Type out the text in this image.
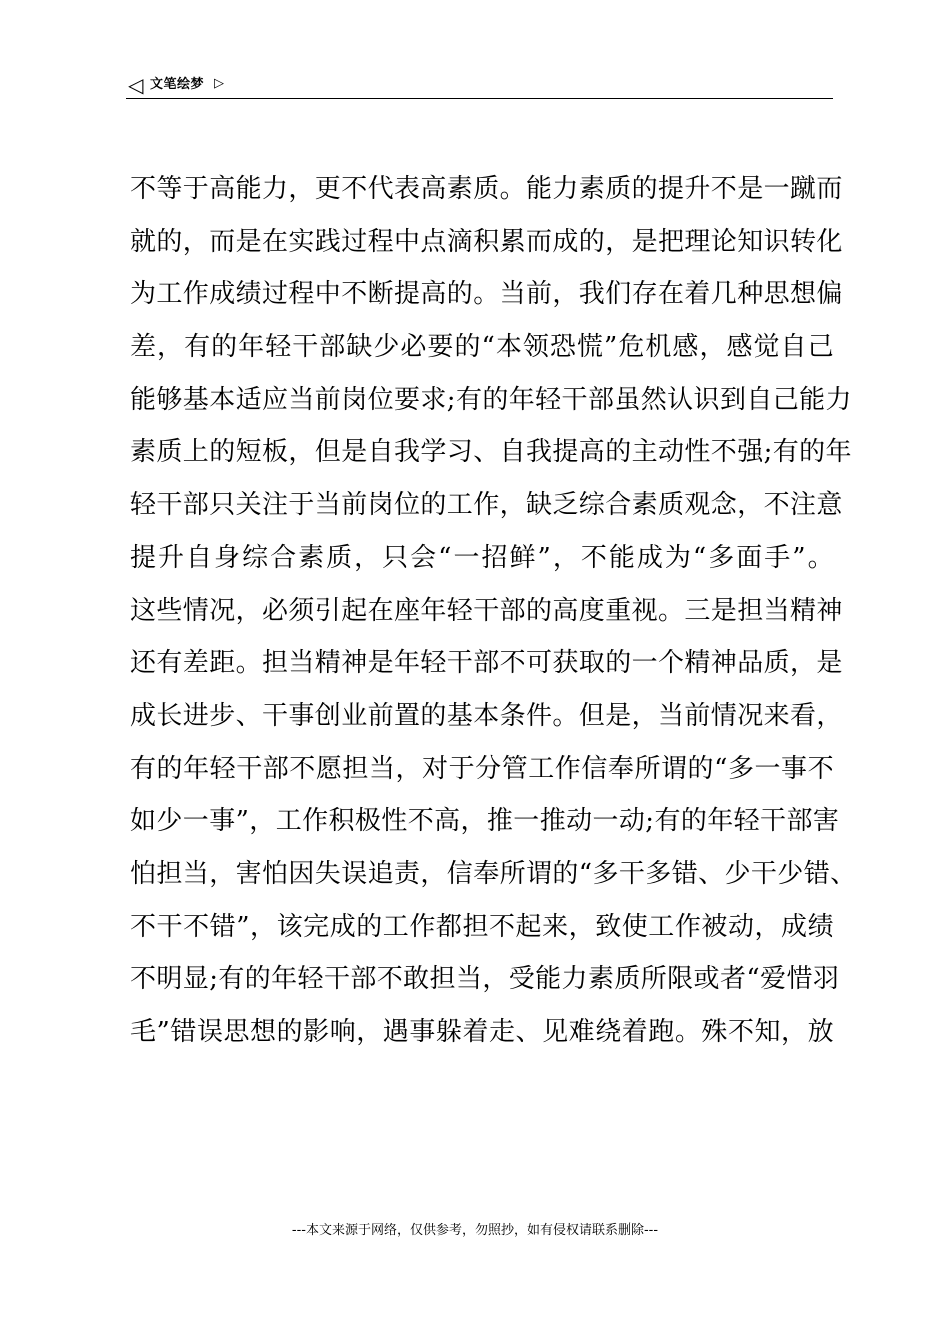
◁ 文笔绘梦 ▷
不等于高能力，更不代表高素质。能力素质的提升不是一蹴而
就的，而是在实践过程中点滴积累而成的，是把理论知识转化
为工作成绩过程中不断提高的。当前，我们存在着几种思想偏
差，有的年轻干部缺少必要的“本领恐慌”危机感，感觉自己
能够基本适应当前岗位要求;有的年轻干部虽然认识到自己能力
素质上的短板，但是自我学习、自我提高的主动性不强;有的年
轻干部只关注于当前岗位的工作，缺乏综合素质观念，不注意
提升自身综合素质，只会“一招鲜”，不能成为“多面手”。
这些情况，必须引起在座年轻干部的高度重视。三是担当精神
还有差距。担当精神是年轻干部不可获取的一个精神品质，是
成长进步、干事创业前置的基本条件。但是，当前情况来看，
有的年轻干部不愿担当，对于分管工作信奉所谓的“多一事不
如少一事”，工作积极性不高，推一推动一动;有的年轻干部害
怕担当，害怕因失误追责，信奉所谓的“多干多错、少干少错、
不干不错”，该完成的工作都担不起来，致使工作被动，成绩
不明显;有的年轻干部不敢担当，受能力素质所限或者“爱惜羽
毛”错误思想的影响，遇事躲着走、见难绕着跑。殊不知，放
---本文来源于网络，仅供参考，勿照抄，如有侵权请联系删除---
